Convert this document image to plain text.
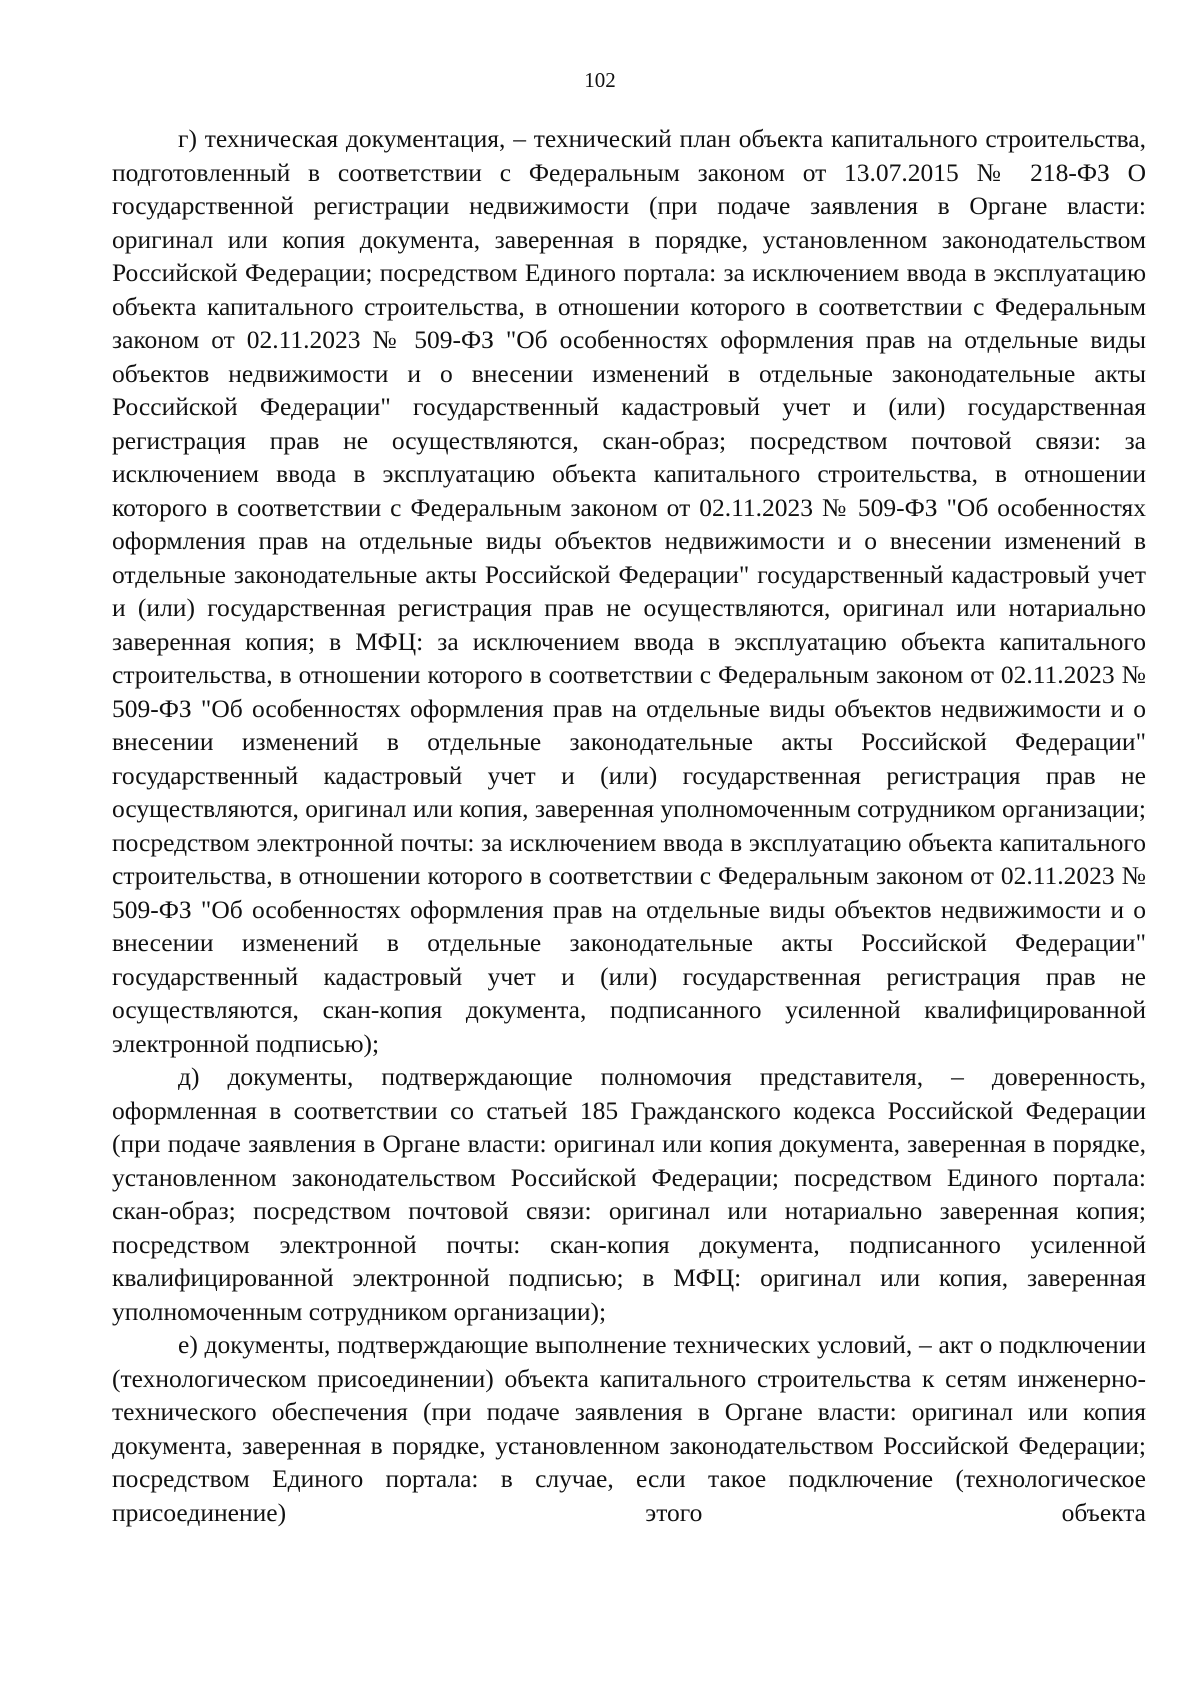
102

г) техническая документация, – технический план объекта капитального строительства, подготовленный в соответствии с Федеральным законом от 13.07.2015 № 218-ФЗ О государственной регистрации недвижимости (при подаче заявления в Органе власти: оригинал или копия документа, заверенная в порядке, установленном законодательством Российской Федерации; посредством Единого портала: за исключением ввода в эксплуатацию объекта капитального строительства, в отношении которого в соответствии с Федеральным законом от 02.11.2023 № 509-ФЗ "Об особенностях оформления прав на отдельные виды объектов недвижимости и о внесении изменений в отдельные законодательные акты Российской Федерации" государственный кадастровый учет и (или) государственная регистрация прав не осуществляются, скан-образ; посредством почтовой связи: за исключением ввода в эксплуатацию объекта капитального строительства, в отношении которого в соответствии с Федеральным законом от 02.11.2023 № 509-ФЗ "Об особенностях оформления прав на отдельные виды объектов недвижимости и о внесении изменений в отдельные законодательные акты Российской Федерации" государственный кадастровый учет и (или) государственная регистрация прав не осуществляются, оригинал или нотариально заверенная копия; в МФЦ: за исключением ввода в эксплуатацию объекта капитального строительства, в отношении которого в соответствии с Федеральным законом от 02.11.2023 № 509-ФЗ "Об особенностях оформления прав на отдельные виды объектов недвижимости и о внесении изменений в отдельные законодательные акты Российской Федерации" государственный кадастровый учет и (или) государственная регистрация прав не осуществляются, оригинал или копия, заверенная уполномоченным сотрудником организации; посредством электронной почты: за исключением ввода в эксплуатацию объекта капитального строительства, в отношении которого в соответствии с Федеральным законом от 02.11.2023 № 509-ФЗ "Об особенностях оформления прав на отдельные виды объектов недвижимости и о внесении изменений в отдельные законодательные акты Российской Федерации" государственный кадастровый учет и (или) государственная регистрация прав не осуществляются, скан-копия документа, подписанного усиленной квалифицированной электронной подписью);

д) документы, подтверждающие полномочия представителя, – доверенность, оформленная в соответствии со статьей 185 Гражданского кодекса Российской Федерации (при подаче заявления в Органе власти: оригинал или копия документа, заверенная в порядке, установленном законодательством Российской Федерации; посредством Единого портала: скан-образ; посредством почтовой связи: оригинал или нотариально заверенная копия; посредством электронной почты: скан-копия документа, подписанного усиленной квалифицированной электронной подписью; в МФЦ: оригинал или копия, заверенная уполномоченным сотрудником организации);

е) документы, подтверждающие выполнение технических условий, – акт о подключении (технологическом присоединении) объекта капитального строительства к сетям инженерно-технического обеспечения (при подаче заявления в Органе власти: оригинал или копия документа, заверенная в порядке, установленном законодательством Российской Федерации; посредством Единого портала: в случае, если такое подключение (технологическое присоединение) этого объекта
